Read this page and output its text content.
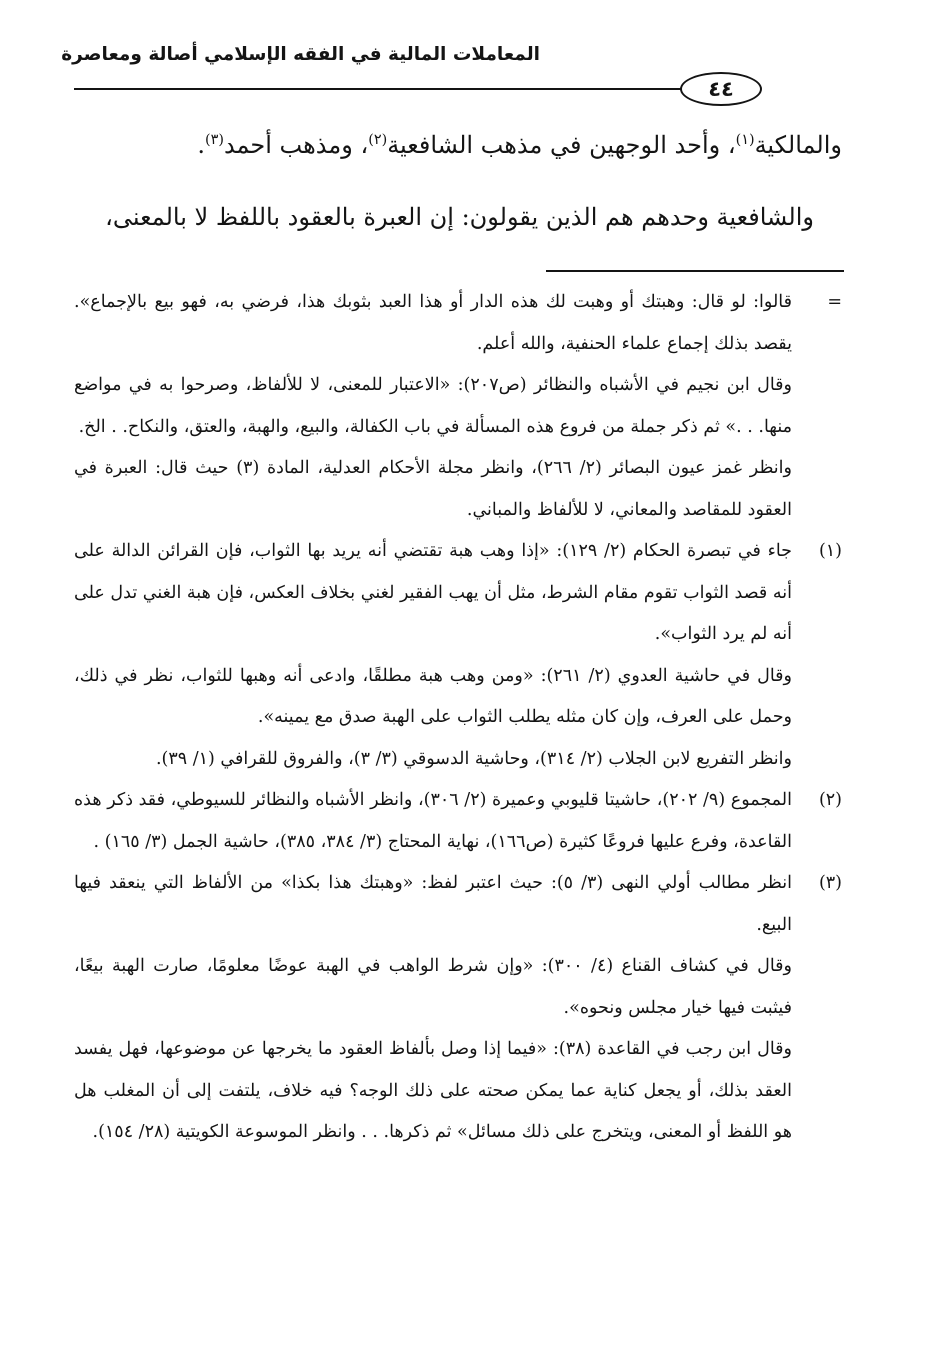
المعاملات المالية في الفقه الإسلامي أصالة ومعاصرة
٤٤
والمالكية$^{(١)}$، وأحد الوجهين في مذهب الشافعية$^{(٢)}$، ومذهب أحمد$^{(٣)}$.
والشافعية وحدهم هم الذين يقولون: إن العبرة بالعقود باللفظ لا بالمعنى،
=

قالوا: لو قال: وهبتك أو وهبت لك هذه الدار أو هذا العبد بثوبك هذا، فرضي به، فهو بيع بالإجماع». يقصد بذلك إجماع علماء الحنفية، والله أعلم.

وقال ابن نجيم في الأشباه والنظائر (ص٢٠٧): «الاعتبار للمعنى، لا للألفاظ، وصرحوا به في مواضع منها. . .» ثم ذكر جملة من فروع هذه المسألة في باب الكفالة، والبيع، والهبة، والعتق، والنكاح. . الخ.

وانظر غمز عيون البصائر (٢/ ٢٦٦)، وانظر مجلة الأحكام العدلية، المادة (٣) حيث قال: العبرة في العقود للمقاصد والمعاني، لا للألفاظ والمباني.

(١)

جاء في تبصرة الحكام (٢/ ١٢٩): «إذا وهب هبة تقتضي أنه يريد بها الثواب، فإن القرائن الدالة على أنه قصد الثواب تقوم مقام الشرط، مثل أن يهب الفقير لغني بخلاف العكس، فإن هبة الغني تدل على أنه لم يرد الثواب».

وقال في حاشية العدوي (٢/ ٢٦١): «ومن وهب هبة مطلقًا، وادعى أنه وهبها للثواب، نظر في ذلك، وحمل على العرف، وإن كان مثله يطلب الثواب على الهبة صدق مع يمينه».

وانظر التفريع لابن الجلاب (٢/ ٣١٤)، وحاشية الدسوقي (٣/ ٣)، والفروق للقرافي (١/ ٣٩).

(٢)

المجموع (٩/ ٢٠٢)، حاشيتا قليوبي وعميرة (٢/ ٣٠٦)، وانظر الأشباه والنظائر للسيوطي، فقد ذكر هذه القاعدة، وفرع عليها فروعًا كثيرة (ص١٦٦)، نهاية المحتاج (٣/ ٣٨٤، ٣٨٥)، حاشية الجمل (٣/ ١٦٥) .

(٣)

انظر مطالب أولي النهى (٣/ ٥): حيث اعتبر لفظ: «وهبتك هذا بكذا» من الألفاظ التي ينعقد فيها البيع.

وقال في كشاف القناع (٤/ ٣٠٠): «وإن شرط الواهب في الهبة عوضًا معلومًا، صارت الهبة بيعًا، فيثبت فيها خيار مجلس ونحوه».

وقال ابن رجب في القاعدة (٣٨): «فيما إذا وصل بألفاظ العقود ما يخرجها عن موضوعها، فهل يفسد العقد بذلك، أو يجعل كناية عما يمكن صحته على ذلك الوجه؟ فيه خلاف، يلتفت إلى أن المغلب هل هو اللفظ أو المعنى، ويتخرج على ذلك مسائل» ثم ذكرها. . . وانظر الموسوعة الكويتية (٢٨/ ١٥٤).
